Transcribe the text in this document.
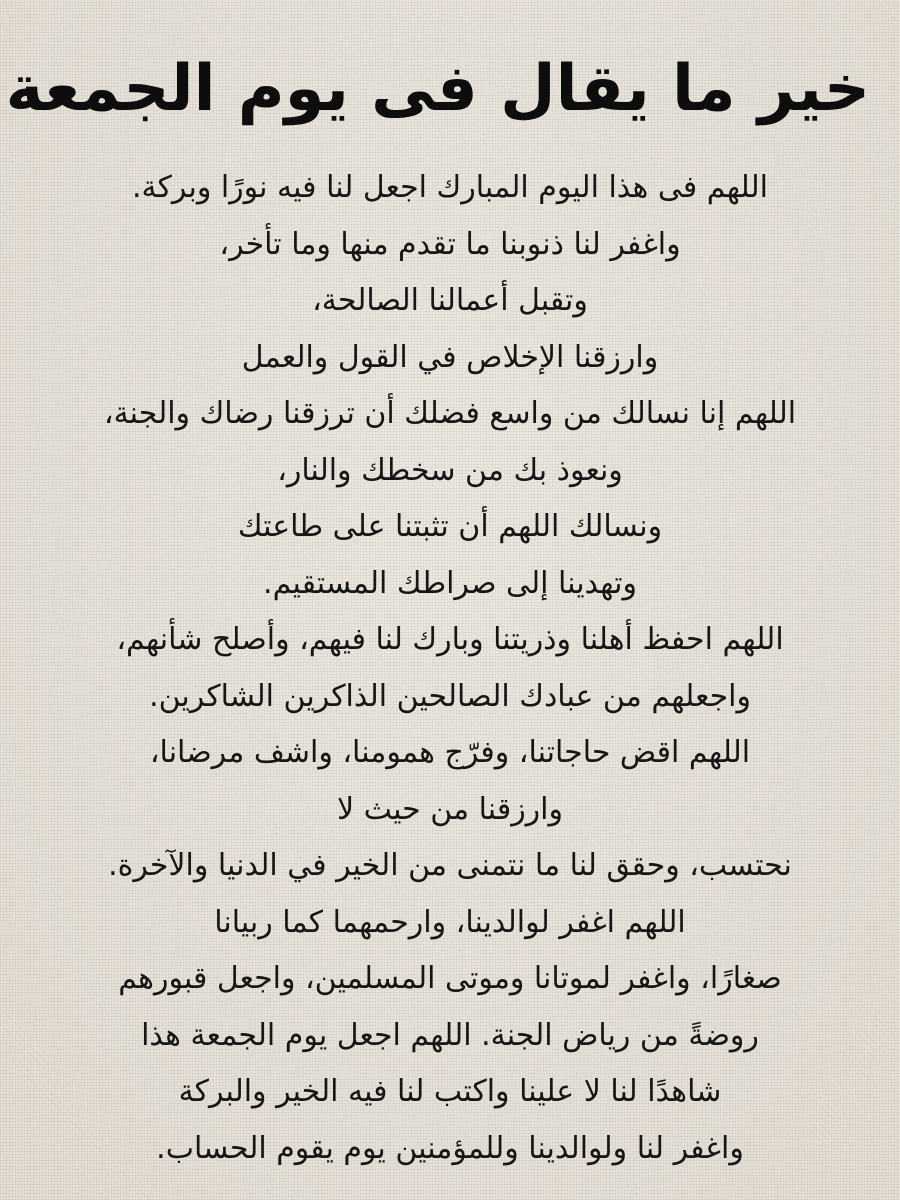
خير ما يقال فى يوم الجمعة
اللهم فى هذا اليوم المبارك اجعل لنا فيه نورًا وبركة.
واغفر لنا ذنوبنا ما تقدم منها وما تأخر،
وتقبل أعمالنا الصالحة،
وارزقنا الإخلاص في القول والعمل
اللهم إنا نسالك من واسع فضلك أن ترزقنا رضاك والجنة،
ونعوذ بك من سخطك والنار،
ونسالك اللهم أن تثبتنا على طاعتك
وتهدينا إلى صراطك المستقيم.
اللهم احفظ أهلنا وذريتنا وبارك لنا فيهم، وأصلح شأنهم،
واجعلهم من عبادك الصالحين الذاكرين الشاكرين.
اللهم اقض حاجاتنا، وفرّج همومنا، واشف مرضانا،
وارزقنا من حيث لا
نحتسب، وحقق لنا ما نتمنى من الخير في الدنيا والآخرة.
اللهم اغفر لوالدينا، وارحمهما كما ربيانا
صغارًا، واغفر لموتانا وموتى المسلمين، واجعل قبورهم
روضةً من رياض الجنة. اللهم اجعل يوم الجمعة هذا
شاهدًا لنا لا علينا واكتب لنا فيه الخير والبركة
واغفر لنا ولوالدينا وللمؤمنين يوم يقوم الحساب.
